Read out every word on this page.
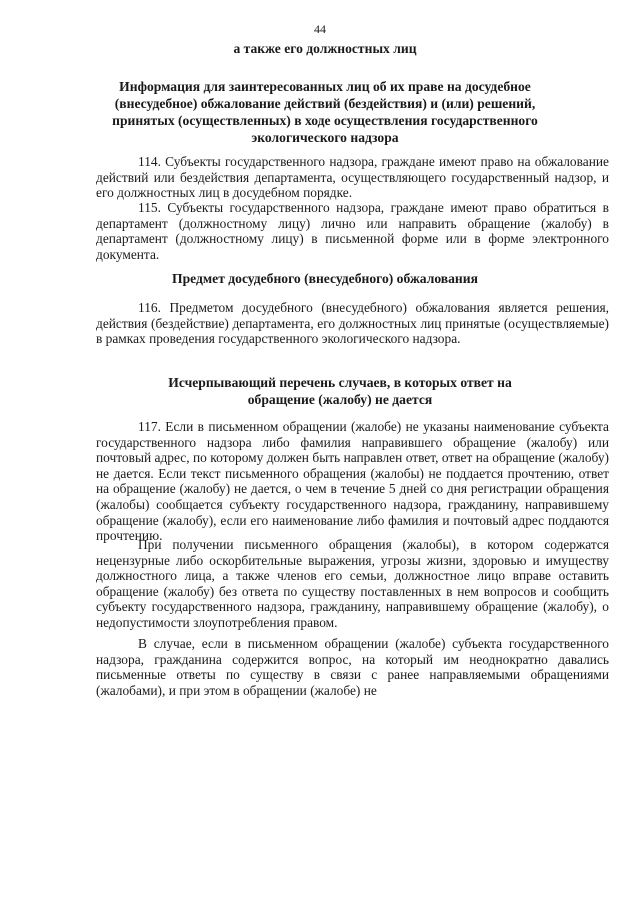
44
а также его должностных лиц
Информация для заинтересованных лиц об их праве на досудебное (внесудебное) обжалование действий (бездействия) и (или) решений, принятых (осуществленных) в ходе осуществления государственного экологического надзора

114. Субъекты государственного надзора, граждане имеют право на обжалование действий или бездействия департамента, осуществляющего государственный надзор, и его должностных лиц в досудебном порядке.

115. Субъекты государственного надзора, граждане имеют право обратиться в департамент (должностному лицу) лично или направить обращение (жалобу) в департамент (должностному лицу) в письменной форме или в форме электронного документа.

Предмет досудебного (внесудебного) обжалования

116. Предметом досудебного (внесудебного) обжалования является решения, действия (бездействие) департамента, его должностных лиц принятые (осуществляемые) в рамках проведения государственного экологического надзора.

Исчерпывающий перечень случаев, в которых ответ на обращение (жалобу) не дается

117. Если в письменном обращении (жалобе) не указаны наименование субъекта государственного надзора либо фамилия направившего обращение (жалобу) или почтовый адрес, по которому должен быть направлен ответ, ответ на обращение (жалобу) не дается. Если текст письменного обращения (жалобы) не поддается прочтению, ответ на обращение (жалобу) не дается, о чем в течение 5 дней со дня регистрации обращения (жалобы) сообщается субъекту государственного надзора, гражданину, направившему обращение (жалобу), если его наименование либо фамилия и почтовый адрес поддаются прочтению.

При получении письменного обращения (жалобы), в котором содержатся нецензурные либо оскорбительные выражения, угрозы жизни, здоровью и имуществу должностного лица, а также членов его семьи, должностное лицо вправе оставить обращение (жалобу) без ответа по существу поставленных в нем вопросов и сообщить субъекту государственного надзора, гражданину, направившему обращение (жалобу), о недопустимости злоупотребления правом.

В случае, если в письменном обращении (жалобе) субъекта государственного надзора, гражданина содержится вопрос, на который им неоднократно давались письменные ответы по существу в связи с ранее направляемыми обращениями (жалобами), и при этом в обращении (жалобе) не
